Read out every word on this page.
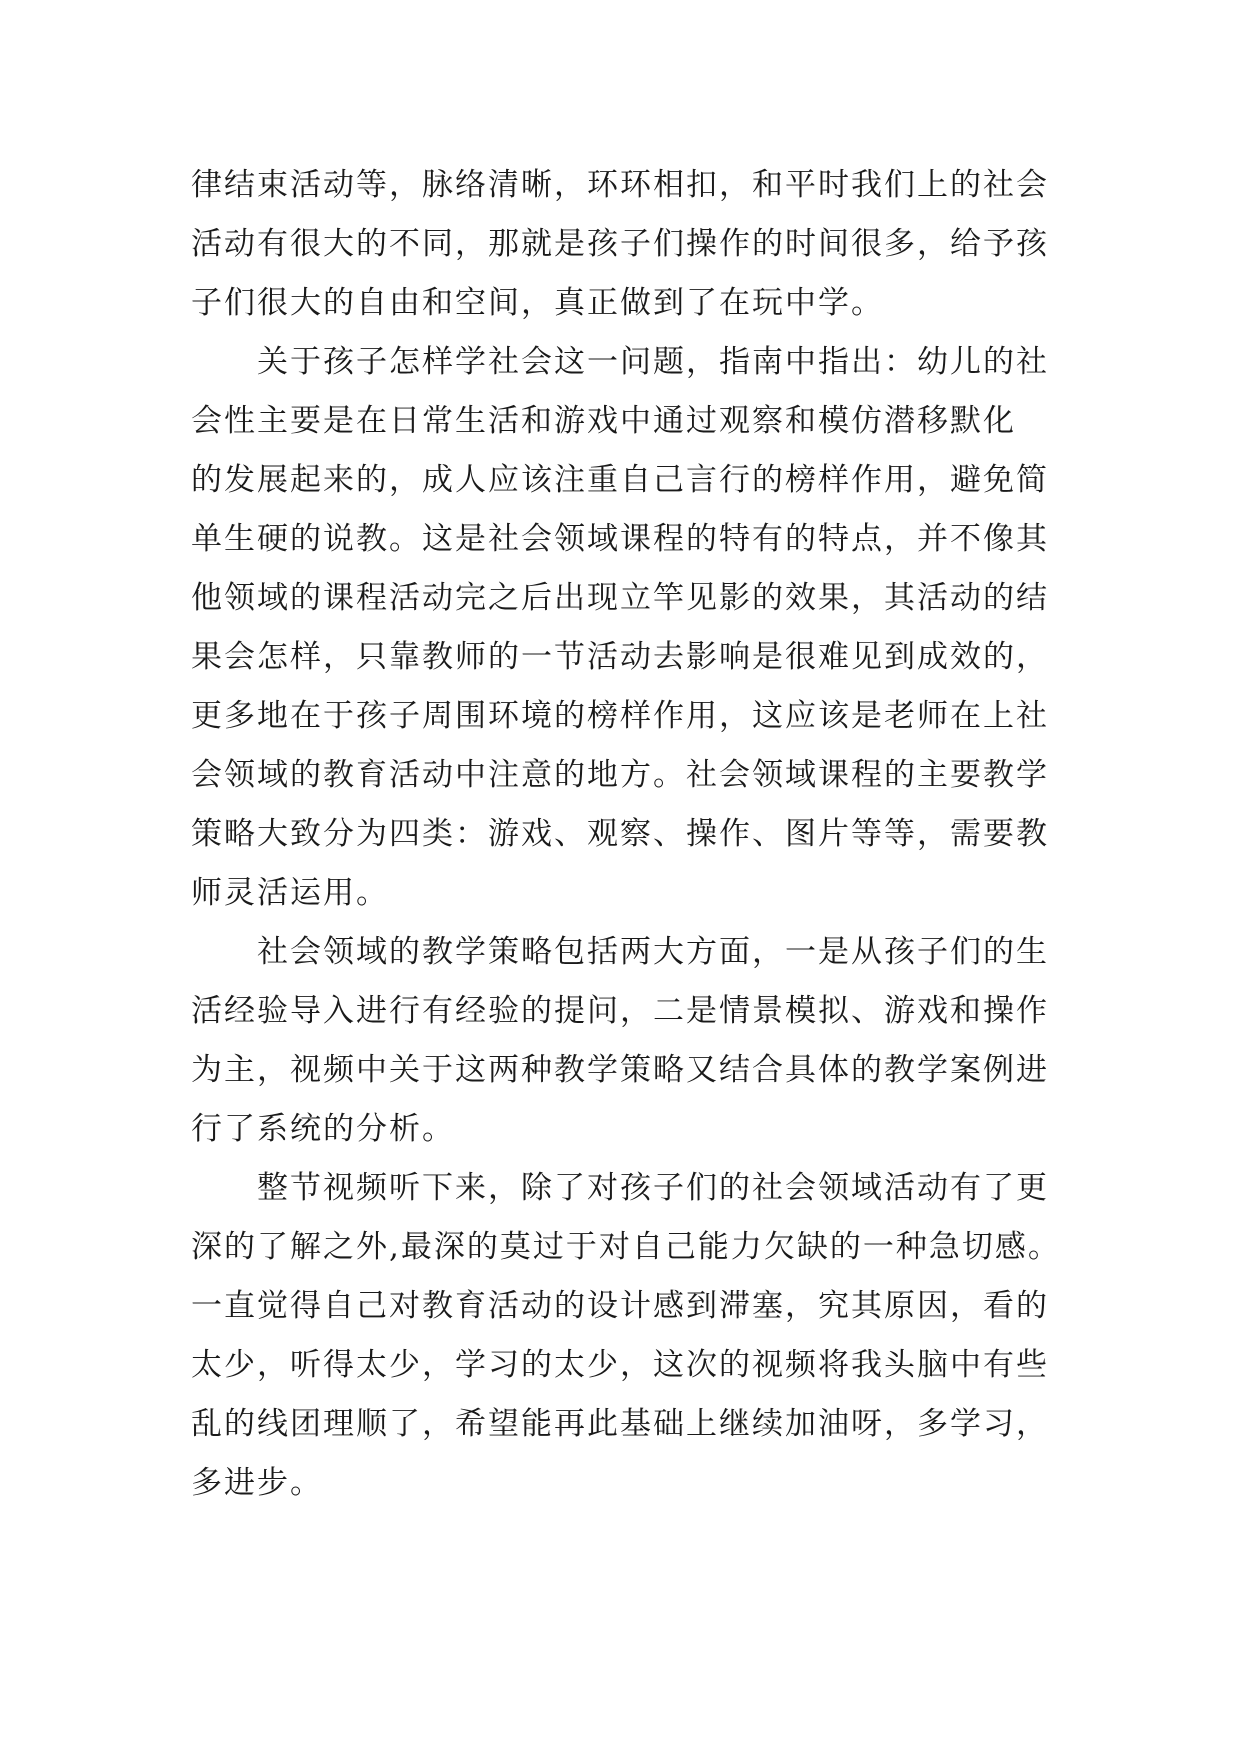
律结束活动等，脉络清晰，环环相扣，和平时我们上的社会
活动有很大的不同，那就是孩子们操作的时间很多，给予孩
子们很大的自由和空间，真正做到了在玩中学。

　　关于孩子怎样学社会这一问题，指南中指出：幼儿的社
会性主要是在日常生活和游戏中通过观察和模仿潜移默化
的发展起来的，成人应该注重自己言行的榜样作用，避免简
单生硬的说教。这是社会领域课程的特有的特点，并不像其
他领域的课程活动完之后出现立竿见影的效果，其活动的结
果会怎样，只靠教师的一节活动去影响是很难见到成效的，
更多地在于孩子周围环境的榜样作用，这应该是老师在上社
会领域的教育活动中注意的地方。社会领域课程的主要教学
策略大致分为四类：游戏、观察、操作、图片等等，需要教
师灵活运用。

　　社会领域的教学策略包括两大方面，一是从孩子们的生
活经验导入进行有经验的提问，二是情景模拟、游戏和操作
为主，视频中关于这两种教学策略又结合具体的教学案例进
行了系统的分析。

　　整节视频听下来，除了对孩子们的社会领域活动有了更
深的了解之外,最深的莫过于对自己能力欠缺的一种急切感。
一直觉得自己对教育活动的设计感到滞塞，究其原因，看的
太少，听得太少，学习的太少，这次的视频将我头脑中有些
乱的线团理顺了，希望能再此基础上继续加油呀，多学习，
多进步。
